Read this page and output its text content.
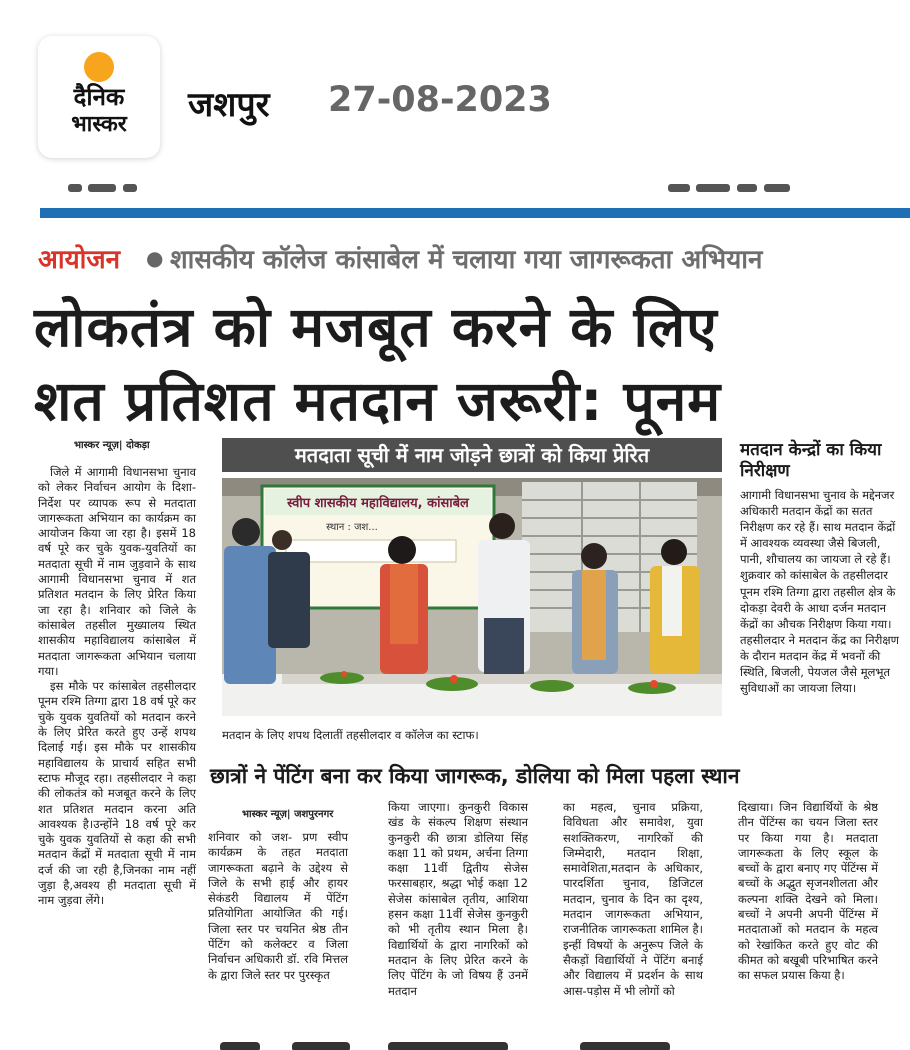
दैनिक
भास्कर	जशपुर 27-08-2023
आयोजन ● शासकीय कॉलेज कांसाबेल में चलाया गया जागरूकता अभियान
लोकतंत्र को मजबूत करने के लिए
शत प्रतिशत मतदान जरूरी: पूनम
भास्कर न्यूज़| दोकड़ा

जिले में आगामी विधानसभा चुनाव को लेकर निर्वाचन आयोग के दिशा-निर्देश पर व्यापक रूप से मतदाता जागरूकता अभियान का कार्यक्रम का आयोजन किया जा रहा है। इसमें 18 वर्ष पूरे कर चुके युवक-युवतियों का मतदाता सूची में नाम जुड़वाने के साथ आगामी विधानसभा चुनाव में शत प्रतिशत मतदान के लिए प्रेरित किया जा रहा है। शनिवार को जिले के कांसाबेल तहसील मुख्यालय स्थित शासकीय महाविद्यालय कांसाबेल में मतदाता जागरूकता अभियान चलाया गया।

इस मौके पर कांसाबेल तहसीलदार पूनम रश्मि तिग्गा द्वारा 18 वर्ष पूरे कर चुके युवक युवतियों को मतदान करने के लिए प्रेरित करते हुए उन्हें शपथ दिलाई गई। इस मौके पर शासकीय महाविद्यालय के प्राचार्य सहित सभी स्टाफ मौजूद रहा। तहसीलदार ने कहा की लोकतंत्र को मजबूत करने के लिए शत प्रतिशत मतदान करना अति आवश्यक है।उन्होंने 18 वर्ष पूरे कर चुके युवक युवतियों से कहा की सभी मतदान केंद्रों में मतदाता सूची में नाम दर्ज की जा रही है,जिनका नाम नहीं जुड़ा है,अवश्य ही मतदाता सूची में नाम जुड़वा लेंगे।

मतदाता सूची में नाम जोड़ने छात्रों को किया प्रेरित
स्वीप शासकीय महाविद्यालय, कांसाबेल
स्थान : जश...
मतदान के लिए शपथ दिलातीं तहसीलदार व कॉलेज का स्टाफ।
मतदान केन्द्रों का किया निरीक्षण
आगामी विधानसभा चुनाव के मद्देनजर अधिकारी मतदान केंद्रों का सतत निरीक्षण कर रहे हैं। साथ मतदान केंद्रों में आवश्यक व्यवस्था जैसे बिजली, पानी, शौचालय का जायजा ले रहे हैं।शुक्रवार को कांसाबेल के तहसीलदार पूनम रश्मि तिग्गा द्वारा तहसील क्षेत्र के दोकड़ा देवरी के आधा दर्जन मतदान केंद्रों का औचक निरीक्षण किया गया। तहसीलदार ने मतदान केंद्र का निरीक्षण के दौरान मतदान केंद्र में भवनों की स्थिति, बिजली, पेयजल जैसे मूलभूत सुविधाओं का जायजा लिया।
छात्रों ने पेंटिंग बना कर किया जागरूक, डोलिया को मिला पहला स्थान
भास्कर न्यूज़| जशपुरनगर
शनिवार को जश- प्रण स्वीप कार्यक्रम के तहत मतदाता जागरूकता बढ़ाने के उद्देश्य से जिले के सभी हाई और हायर सेकंडरी विद्यालय में पेंटिंग प्रतियोगिता आयोजित की गई। जिला स्तर पर चयनित श्रेष्ठ तीन पेंटिंग को कलेक्टर व जिला निर्वाचन अधिकारी डॉ. रवि मित्तल के द्वारा जिले स्तर पर पुरस्कृत
किया जाएगा। कुनकुरी विकास खंड के संकल्प शिक्षण संस्थान कुनकुरी की छात्रा डोलिया सिंह कक्षा 11 को प्रथम, अर्चना तिग्गा कक्षा 11वीं द्वितीय सेजेस फरसाबहार, श्रद्धा भोई कक्षा 12 सेजेस कांसाबेल तृतीय, आशिया हसन कक्षा 11वीं सेजेस कुनकुरी को भी तृतीय स्थान मिला है। विद्यार्थियों के द्वारा नागरिकों को मतदान के लिए प्रेरित करने के लिए पेंटिंग के जो विषय हैं उनमें मतदान
का महत्व, चुनाव प्रक्रिया, विविधता और समावेश, युवा सशक्तिकरण, नागरिकों की जिम्मेदारी, मतदान शिक्षा, समावेशिता,मतदान के अधिकार, पारदर्शिता चुनाव, डिजिटल मतदान, चुनाव के दिन का दृश्य, मतदान जागरूकता अभियान, राजनीतिक जागरूकता शामिल है। इन्हीं विषयों के अनुरूप जिले के सैकड़ों विद्यार्थियों ने पेंटिंग बनाई और विद्यालय में प्रदर्शन के साथ आस-पड़ोस में भी लोगों को
दिखाया। जिन विद्यार्थियों के श्रेष्ठ तीन पेंटिंग्स का चयन जिला स्तर पर किया गया है। मतदाता जागरूकता के लिए स्कूल के बच्चों के द्वारा बनाए गए पेंटिंग्स में बच्चों के अद्भुत सृजनशीलता और कल्पना शक्ति देखने को मिला। बच्चों ने अपनी अपनी पेंटिंग्स में मतदाताओं को मतदान के महत्व को रेखांकित करते हुए वोट की कीमत को बखूबी परिभाषित करने का सफल प्रयास किया है।
